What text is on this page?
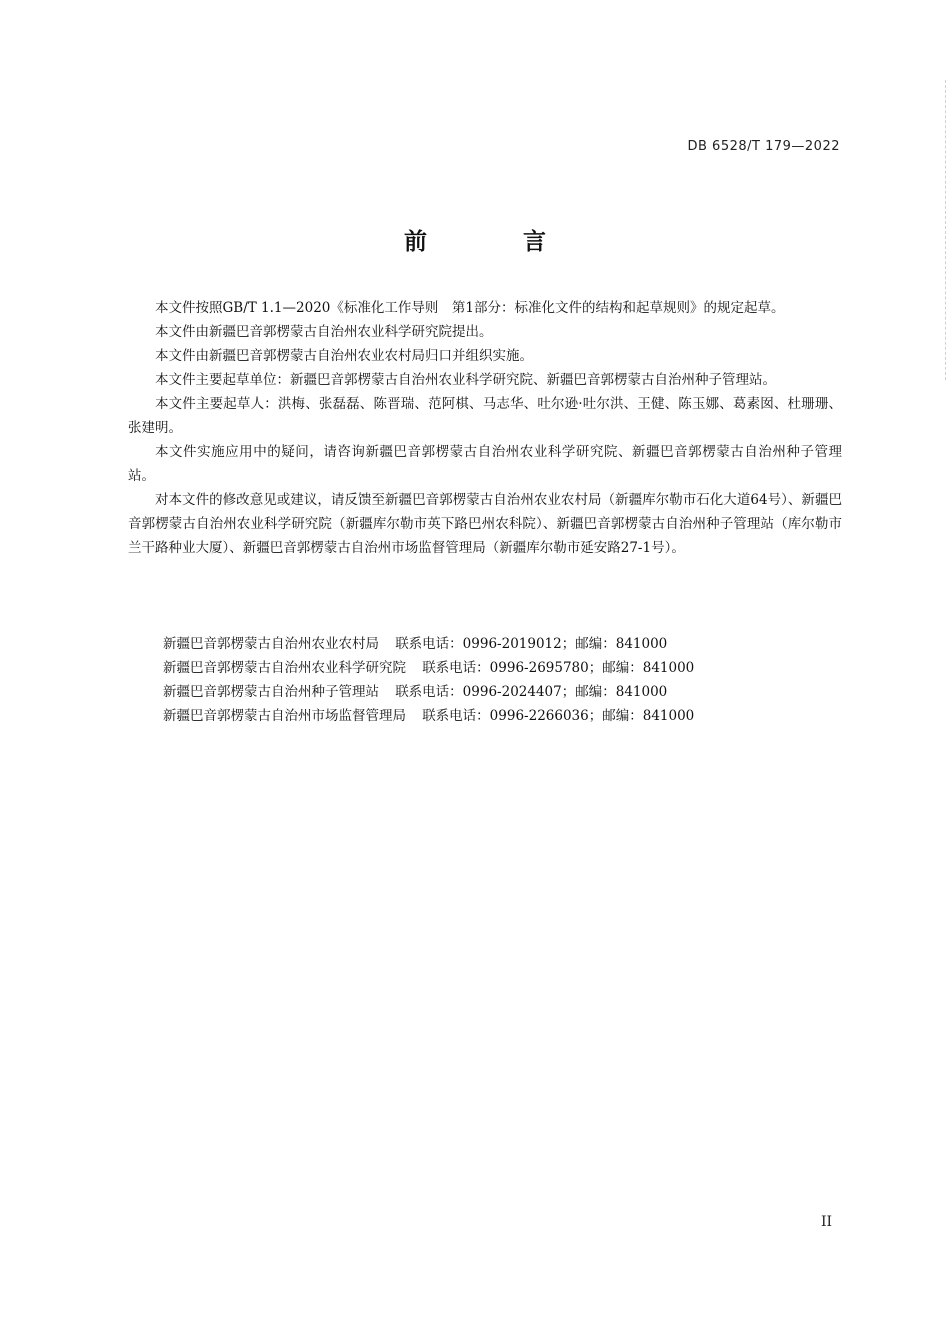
DB 6528/T 179—2022
前 言

本文件按照GB/T 1.1—2020《标准化工作导则　第1部分：标准化文件的结构和起草规则》的规定起草。

本文件由新疆巴音郭楞蒙古自治州农业科学研究院提出。

本文件由新疆巴音郭楞蒙古自治州农业农村局归口并组织实施。

本文件主要起草单位：新疆巴音郭楞蒙古自治州农业科学研究院、新疆巴音郭楞蒙古自治州种子管理站。

本文件主要起草人：洪梅、张磊磊、陈晋瑞、范阿棋、马志华、吐尔逊·吐尔洪、王健、陈玉娜、葛素囡、杜珊珊、张建明。

本文件实施应用中的疑问，请咨询新疆巴音郭楞蒙古自治州农业科学研究院、新疆巴音郭楞蒙古自治州种子管理站。

对本文件的修改意见或建议，请反馈至新疆巴音郭楞蒙古自治州农业农村局（新疆库尔勒市石化大道64号）、新疆巴音郭楞蒙古自治州农业科学研究院（新疆库尔勒市英下路巴州农科院）、新疆巴音郭楞蒙古自治州种子管理站（库尔勒市兰干路种业大厦）、新疆巴音郭楞蒙古自治州市场监督管理局（新疆库尔勒市延安路27-1号）。

新疆巴音郭楞蒙古自治州农业农村局 联系电话：0996-2019012；邮编：841000
新疆巴音郭楞蒙古自治州农业科学研究院 联系电话：0996-2695780；邮编：841000
新疆巴音郭楞蒙古自治州种子管理站 联系电话：0996-2024407；邮编：841000
新疆巴音郭楞蒙古自治州市场监督管理局 联系电话：0996-2266036；邮编：841000
II
